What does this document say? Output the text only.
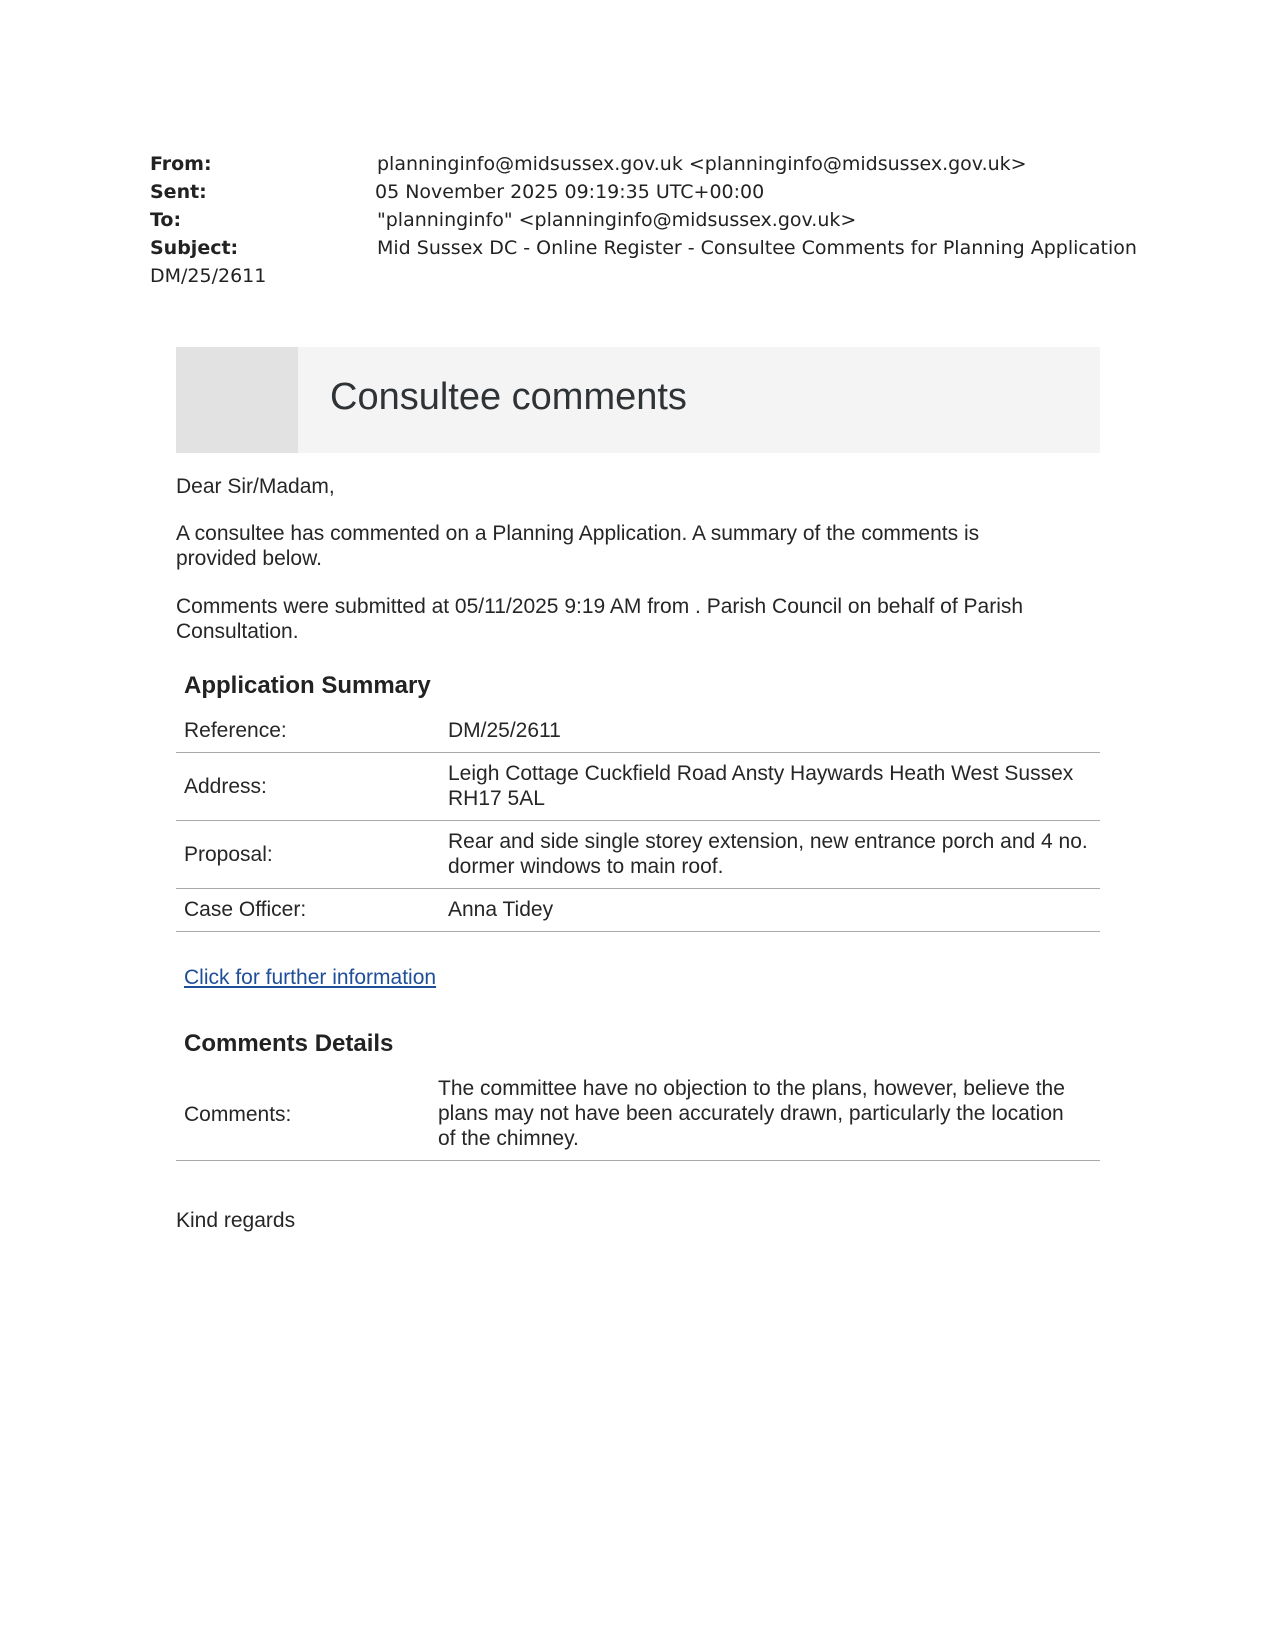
From:	planninginfo@midsussex.gov.uk <planninginfo@midsussex.gov.uk>
Sent:	05 November 2025 09:19:35 UTC+00:00
To:	"planninginfo" <planninginfo@midsussex.gov.uk>
Subject:	Mid Sussex DC - Online Register - Consultee Comments for Planning Application
DM/25/2611
Consultee comments
Dear Sir/Madam,
A consultee has commented on a Planning Application. A summary of the comments is provided below.
Comments were submitted at 05/11/2025 9:19 AM from . Parish Council on behalf of Parish Consultation.
Application Summary
Reference:	DM/25/2611
Address:
Leigh Cottage Cuckfield Road Ansty Haywards Heath West Sussex RH17 5AL
Proposal:
Rear and side single storey extension, new entrance porch and 4 no. dormer windows to main roof.
Case Officer:	Anna Tidey
Click for further information
Comments Details
Comments:
The committee have no objection to the plans, however, believe the plans may not have been accurately drawn, particularly the location of the chimney.
Kind regards
